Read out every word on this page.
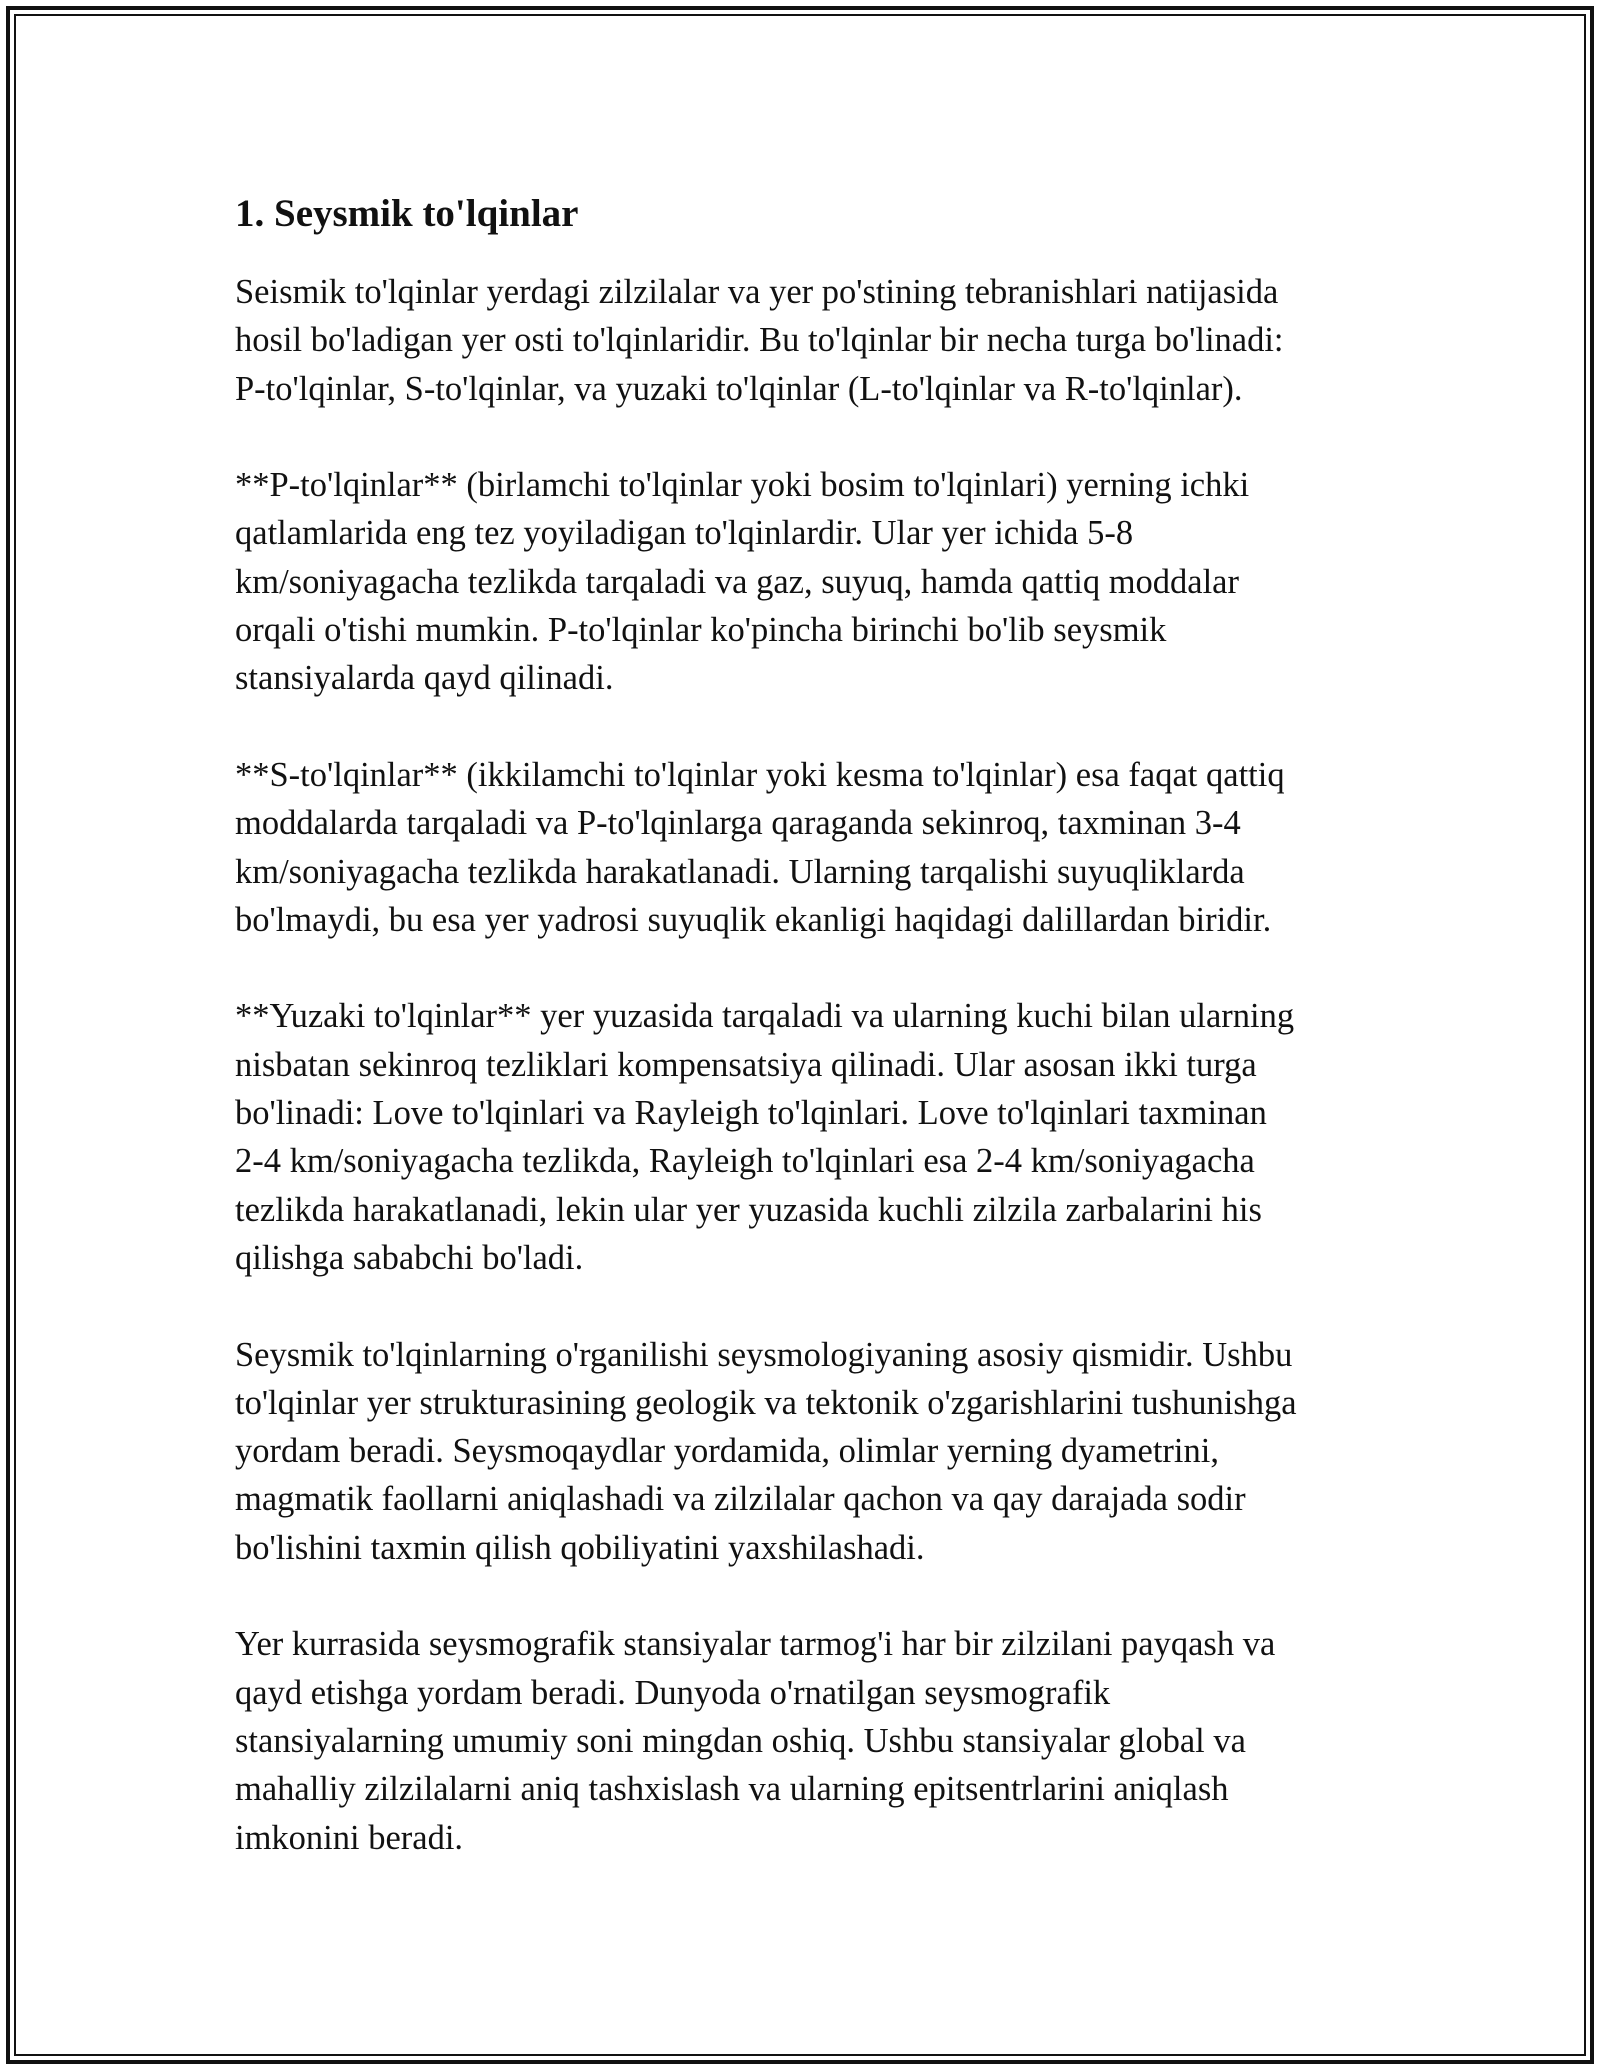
1. Seysmik to'lqinlar

Seismik to'lqinlar yerdagi zilzilalar va yer po'stining tebranishlari natijasida
hosil bo'ladigan yer osti to'lqinlaridir. Bu to'lqinlar bir necha turga bo'linadi:
P-to'lqinlar, S-to'lqinlar, va yuzaki to'lqinlar (L-to'lqinlar va R-to'lqinlar).

**P-to'lqinlar** (birlamchi to'lqinlar yoki bosim to'lqinlari) yerning ichki
qatlamlarida eng tez yoyiladigan to'lqinlardir. Ular yer ichida 5-8
km/soniyagacha tezlikda tarqaladi va gaz, suyuq, hamda qattiq moddalar
orqali o'tishi mumkin. P-to'lqinlar ko'pincha birinchi bo'lib seysmik
stansiyalarda qayd qilinadi.

**S-to'lqinlar** (ikkilamchi to'lqinlar yoki kesma to'lqinlar) esa faqat qattiq
moddalarda tarqaladi va P-to'lqinlarga qaraganda sekinroq, taxminan 3-4
km/soniyagacha tezlikda harakatlanadi. Ularning tarqalishi suyuqliklarda
bo'lmaydi, bu esa yer yadrosi suyuqlik ekanligi haqidagi dalillardan biridir.

**Yuzaki to'lqinlar** yer yuzasida tarqaladi va ularning kuchi bilan ularning
nisbatan sekinroq tezliklari kompensatsiya qilinadi. Ular asosan ikki turga
bo'linadi: Love to'lqinlari va Rayleigh to'lqinlari. Love to'lqinlari taxminan
2-4 km/soniyagacha tezlikda, Rayleigh to'lqinlari esa 2-4 km/soniyagacha
tezlikda harakatlanadi, lekin ular yer yuzasida kuchli zilzila zarbalarini his
qilishga sababchi bo'ladi.

Seysmik to'lqinlarning o'rganilishi seysmologiyaning asosiy qismidir. Ushbu
to'lqinlar yer strukturasining geologik va tektonik o'zgarishlarini tushunishga
yordam beradi. Seysmoqaydlar yordamida, olimlar yerning dyametrini,
magmatik faollarni aniqlashadi va zilzilalar qachon va qay darajada sodir
bo'lishini taxmin qilish qobiliyatini yaxshilashadi.

Yer kurrasida seysmografik stansiyalar tarmog'i har bir zilzilani payqash va
qayd etishga yordam beradi. Dunyoda o'rnatilgan seysmografik
stansiyalarning umumiy soni mingdan oshiq. Ushbu stansiyalar global va
mahalliy zilzilalarni aniq tashxislash va ularning epitsentrlarini aniqlash
imkonini beradi.
